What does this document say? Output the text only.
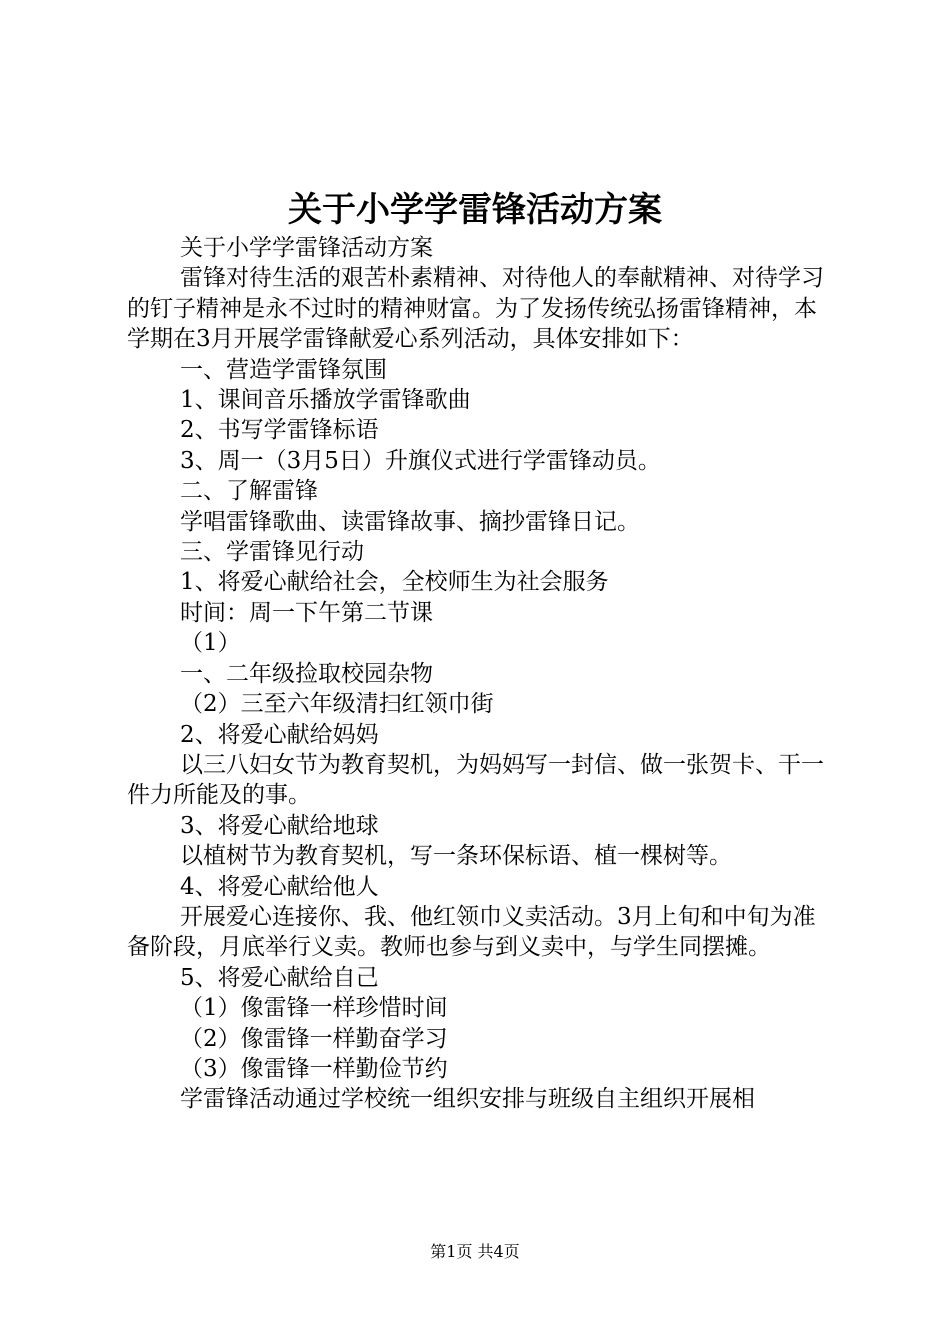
关于小学学雷锋活动方案

关于小学学雷锋活动方案

雷锋对待生活的艰苦朴素精神、对待他人的奉献精神、对待学习的钉子精神是永不过时的精神财富。为了发扬传统弘扬雷锋精神，本学期在3月开展学雷锋献爱心系列活动，具体安排如下：

一、营造学雷锋氛围

1、课间音乐播放学雷锋歌曲

2、书写学雷锋标语

3、周一（3月5日）升旗仪式进行学雷锋动员。

二、了解雷锋

学唱雷锋歌曲、读雷锋故事、摘抄雷锋日记。

三、学雷锋见行动

1、将爱心献给社会，全校师生为社会服务

时间：周一下午第二节课

（1）

一、二年级捡取校园杂物

（2）三至六年级清扫红领巾街

2、将爱心献给妈妈

以三八妇女节为教育契机，为妈妈写一封信、做一张贺卡、干一件力所能及的事。

3、将爱心献给地球

以植树节为教育契机，写一条环保标语、植一棵树等。

4、将爱心献给他人

开展爱心连接你、我、他红领巾义卖活动。3月上旬和中旬为准备阶段，月底举行义卖。教师也参与到义卖中，与学生同摆摊。

5、将爱心献给自己

（1）像雷锋一样珍惜时间

（2）像雷锋一样勤奋学习

（3）像雷锋一样勤俭节约

学雷锋活动通过学校统一组织安排与班级自主组织开展相

第1页 共4页
